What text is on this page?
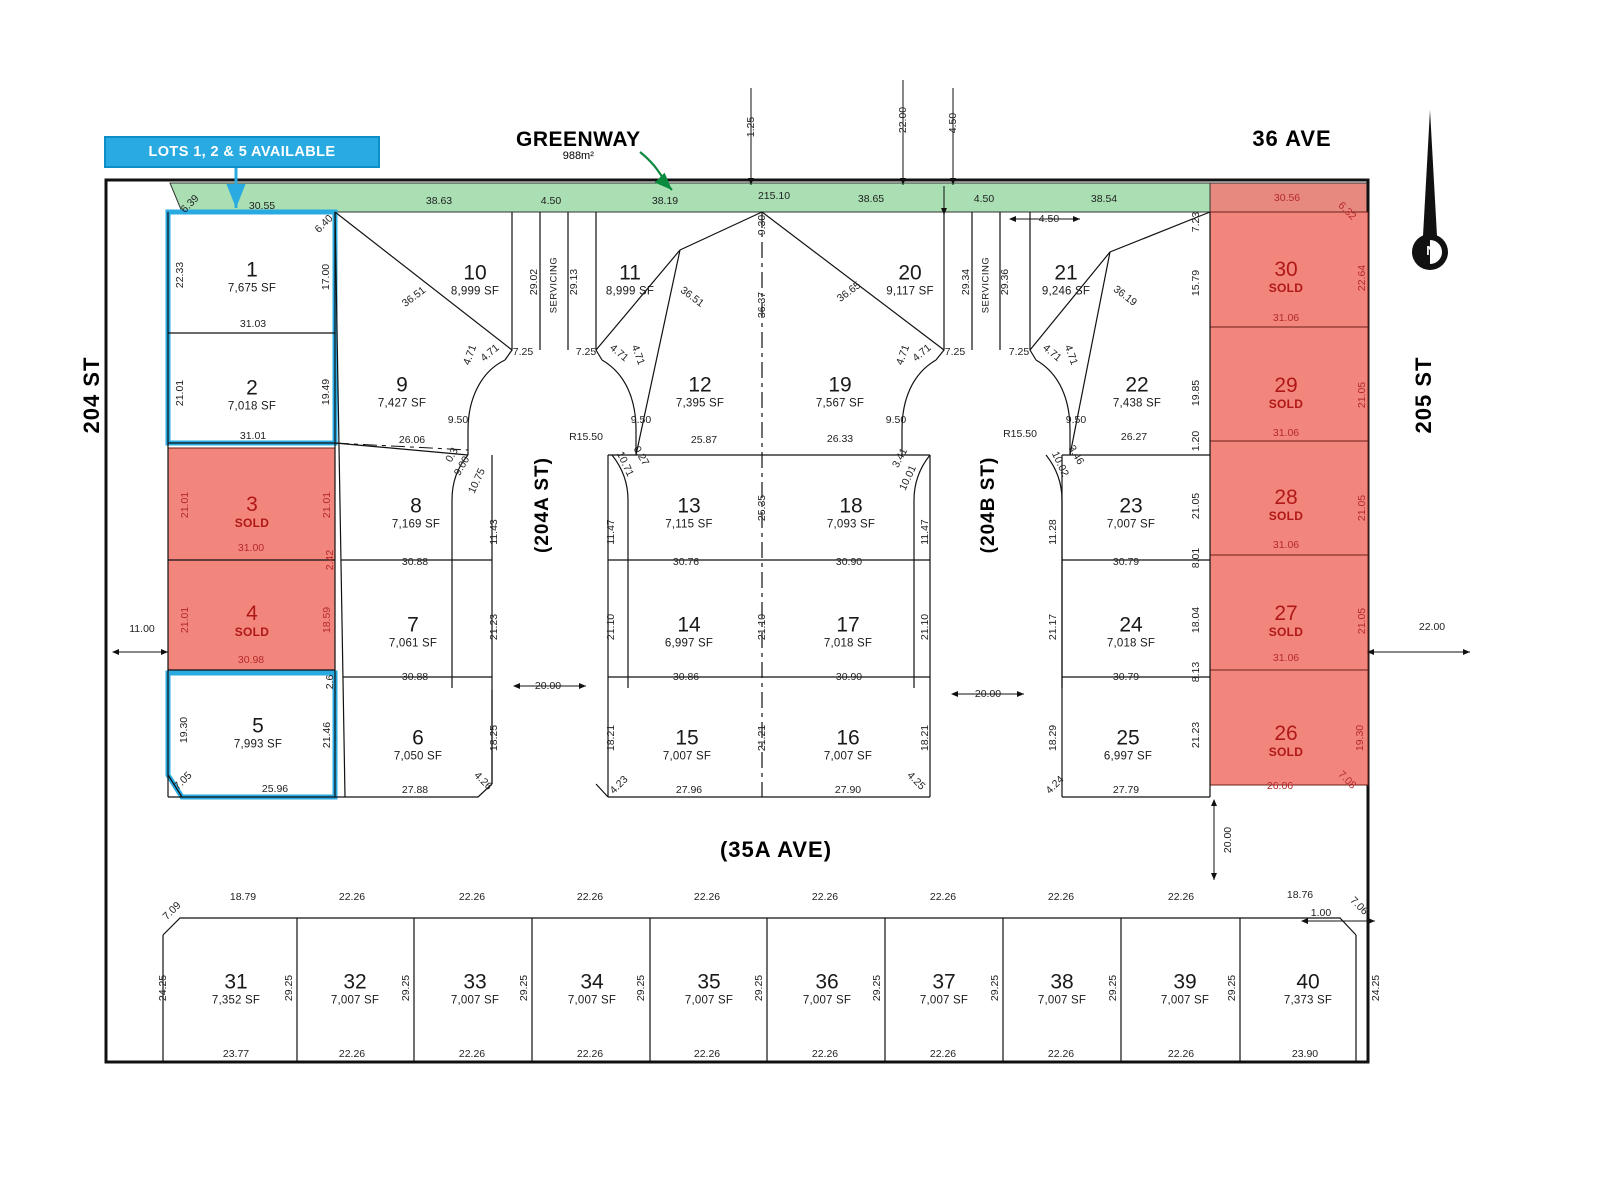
LOTS 1, 2 & 5 AVAILABLE
GREENWAY
988m²
36 AVE
204 ST	205 ST
(35A AVE)
(204A ST)	(204B ST)
SERVICING	SERVICING
N
1
7,675 SF
2
7,018 SF
3
SOLD
4
SOLD
5
7,993 SF	6
7,050 SF
7
7,061 SF
8
7,169 SF
9
7,427 SF
10
8,999 SF
11
8,999 SF
12
7,395 SF
13
7,115 SF
14
6,997 SF
15
7,007 SF
16
7,007 SF
17
7,018 SF
18
7,093 SF
19
7,567 SF
20
9,117 SF
21
9,246 SF
22
7,438 SF
23
7,007 SF
24
7,018 SF
25
6,997 SF
26
SOLD
27
SOLD
28
SOLD
29
SOLD
30
SOLD
31
7,352 SF
32
7,007 SF
33
7,007 SF
34
7,007 SF
35
7,007 SF
36
7,007 SF
37
7,007 SF
38
7,007 SF
39
7,007 SF
40
7,373 SF
1.25	22.00	4.50
30.55	38.63	4.50	38.19	215.10	38.65	4.50	38.54	30.56
4.50	7.23	6.32
22.64
21.05
21.05
21.05
19.30
7.08
31.06
31.06
31.06
31.06
26.06
22.33
21.01
21.01
21.01
19.30
7.05
6.39
31.03
31.01
31.00
30.98
25.96
17.00
19.49
21.01
18.59
21.46
2.42
2.6
6.40
11.00	22.00
36.51
4.71 4.71 7.25	7.25 4.71
4.71
36.51	36.65
4.71
4.71 7.25	7.25 4.71
4.71
36.19
29.02	29.13	29.34	29.36
9.30
36.37
15.79
19.85
21.05
18.04
21.23
1.20
8.01
8.13
26.06
9.50
9.00
0.3
10.75
R15.50
10.71
0.27
9.50
25.87	26.33
9.50
3.41
10.01
R15.50
10.02
3.46
9.50
26.27
11.43	11.47
25.35
11.47	11.28
30.88	30.76	30.90	30.79
21.23	21.10	21.10	21.10	21.17
30.88
20.00
30.86	30.90
20.00
30.79
18.25	18.21	21.21	18.21	18.29
27.88	4.26	4.23	27.96	27.90	4.25	4.24	27.79
20.00
7.09
18.79	22.26	22.26	22.26	22.26	22.26	22.26	22.26	22.26	18.76	7.06
1.00
24.25	29.25	29.25	29.25	29.25	29.25	29.25	29.25	29.25	29.25	24.25
23.77	22.26	22.26	22.26	22.26	22.26	22.26	22.26	22.26	23.90
